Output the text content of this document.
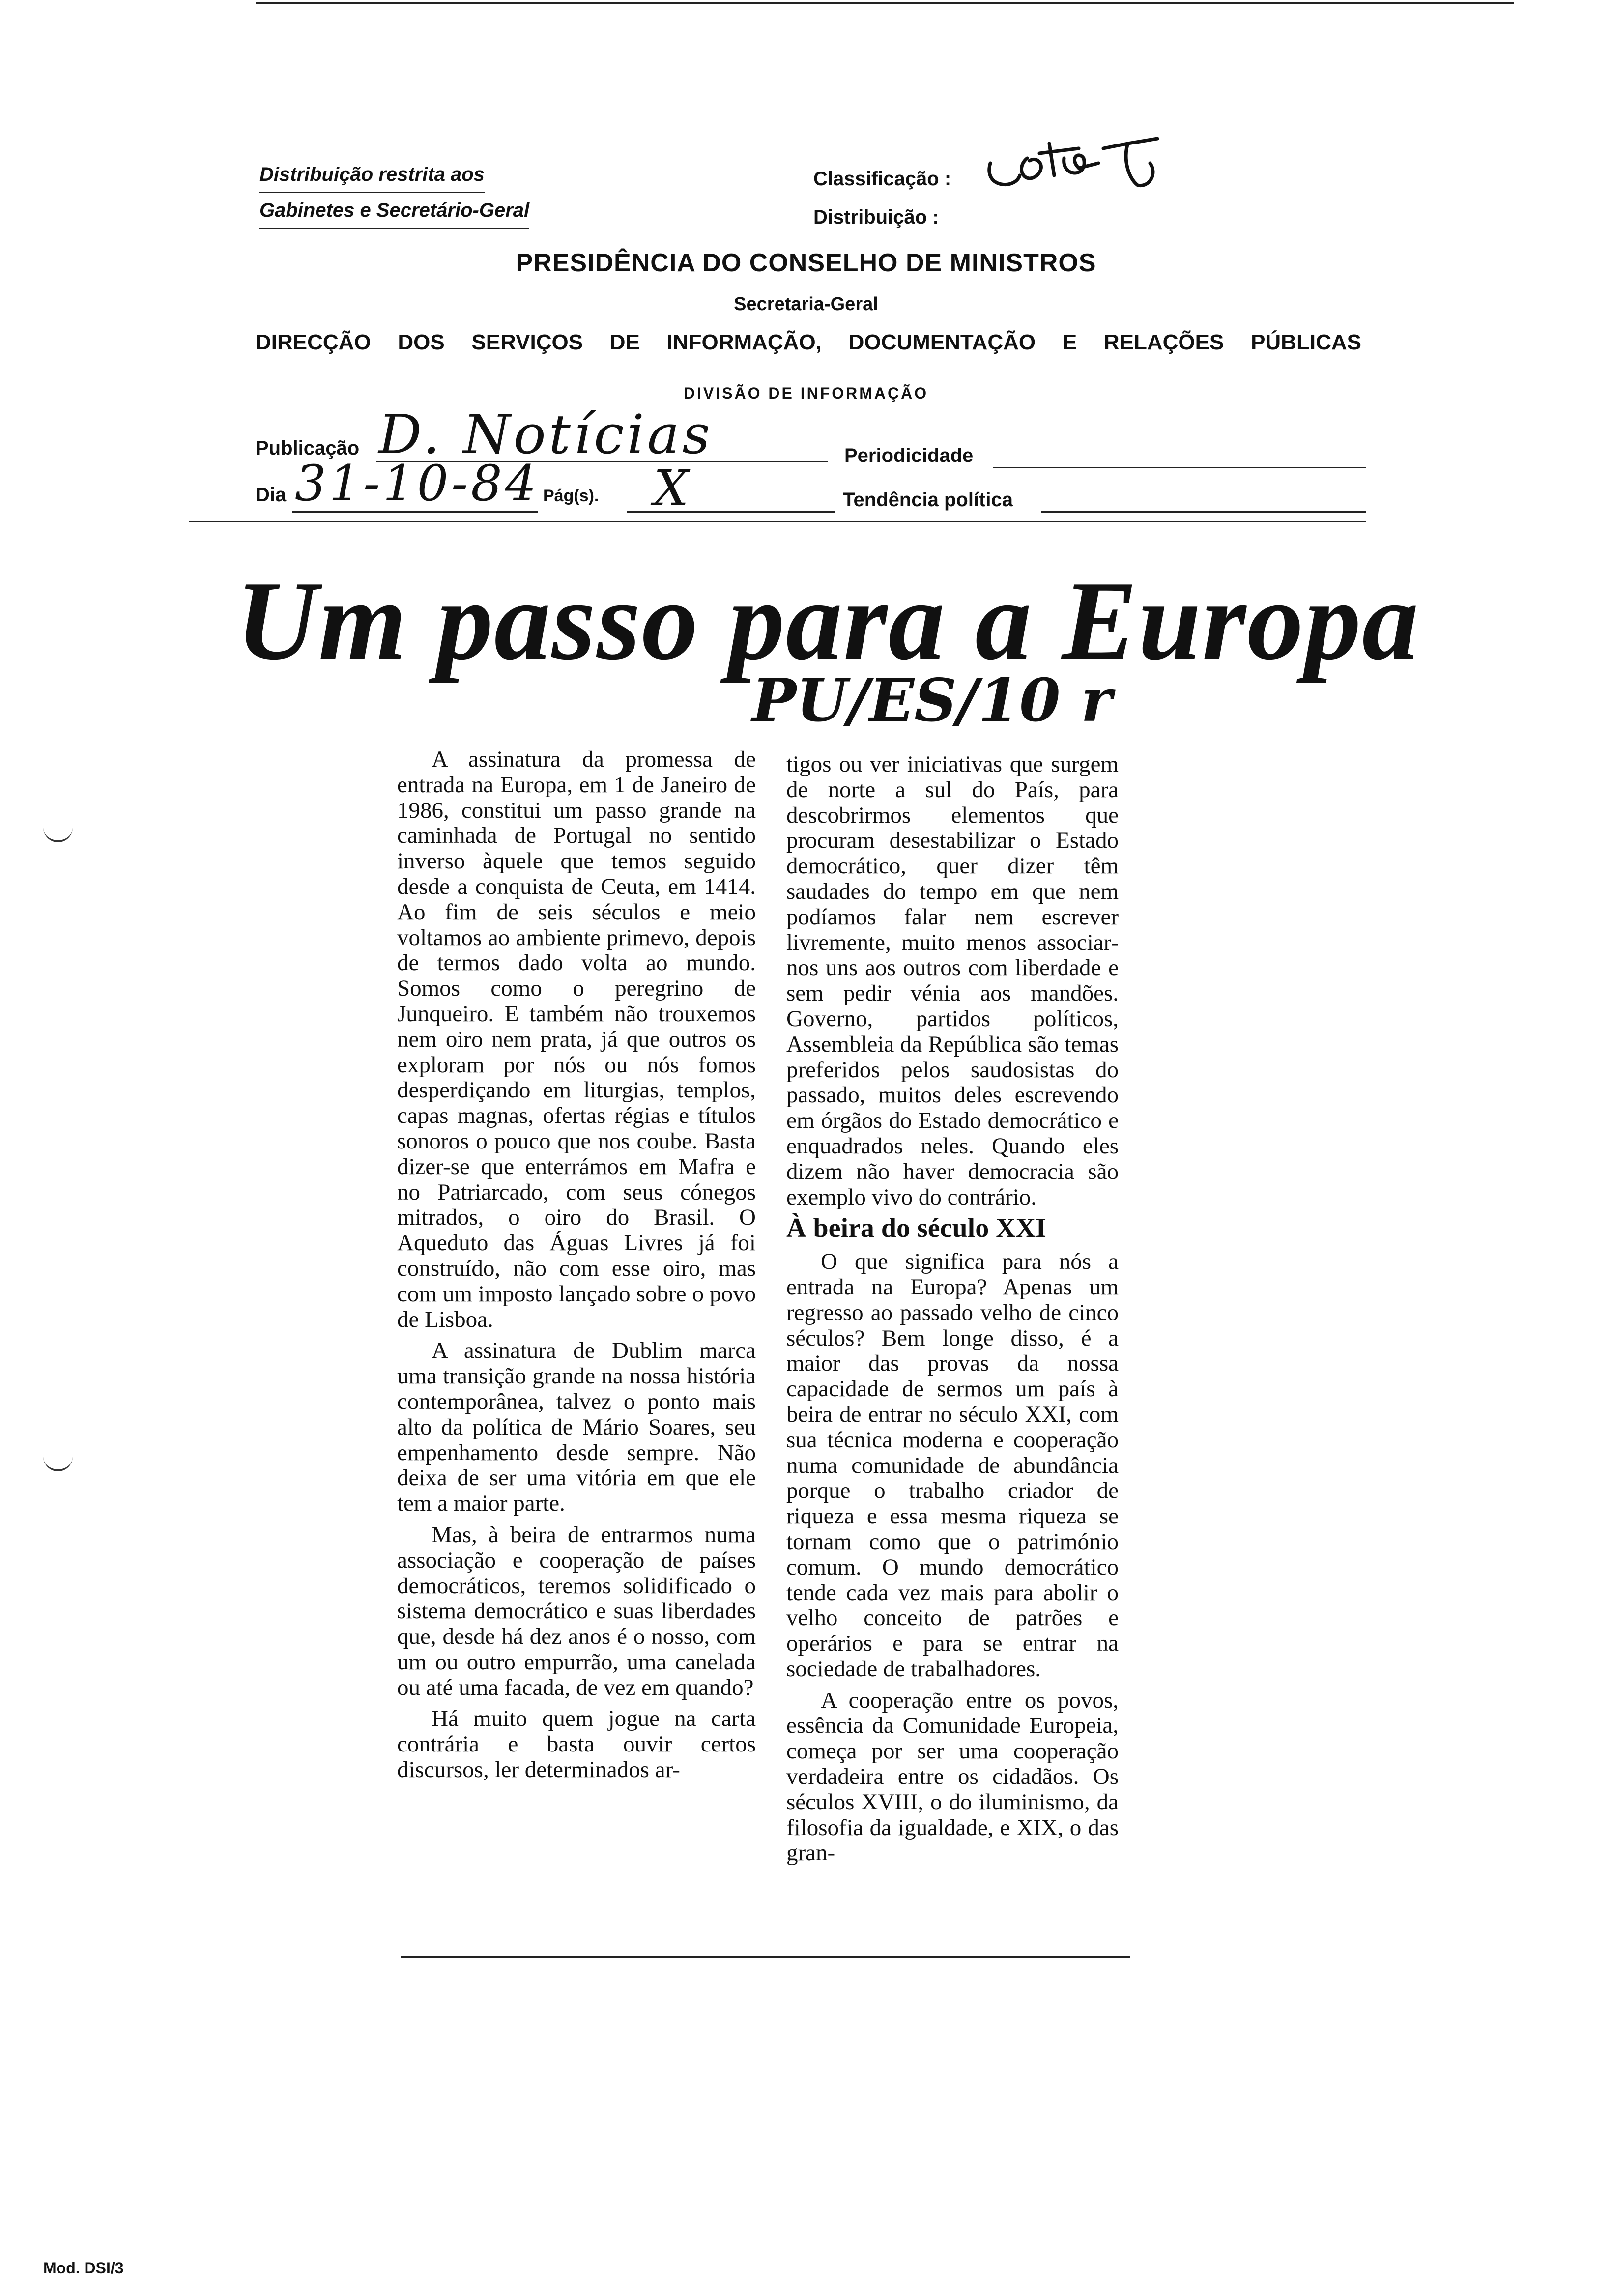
Distribuição restrita aos
Gabinetes e Secretário-Geral
Classificação :
Distribuição :
PRESIDÊNCIA DO CONSELHO DE MINISTROS
Secretaria-Geral
DIRECÇÃO DOS SERVIÇOS DE INFORMAÇÃO, DOCUMENTAÇÃO E RELAÇÕES PÚBLICAS
DIVISÃO DE INFORMAÇÃO
Publicação D. Notícias	Periodicidade
Dia 31-10-84 Pág(s). X	Tendência política
Um passo para a Europa
PU/ES/10 r

A assinatura da promessa de entrada na Europa, em 1 de Janeiro de 1986, constitui um passo grande na caminhada de Portugal no sentido inverso àquele que temos seguido desde a conquista de Ceuta, em 1414. Ao fim de seis séculos e meio voltamos ao ambiente primevo, depois de termos dado volta ao mundo. Somos como o peregrino de Junqueiro. E também não trouxemos nem oiro nem prata, já que outros os exploram por nós ou nós fomos desperdiçando em liturgias, templos, capas magnas, ofertas régias e títulos sonoros o pouco que nos coube. Basta dizer-se que enterrámos em Mafra e no Patriarcado, com seus cónegos mitrados, o oiro do Brasil. O Aqueduto das Águas Livres já foi construído, não com esse oiro, mas com um imposto lançado sobre o povo de Lisboa.

A assinatura de Dublim marca uma transição grande na nossa história contemporânea, talvez o ponto mais alto da política de Mário Soares, seu empenhamento desde sempre. Não deixa de ser uma vitória em que ele tem a maior parte.

Mas, à beira de entrarmos numa associação e cooperação de países democráticos, teremos solidificado o sistema democrático e suas liberdades que, desde há dez anos é o nosso, com um ou outro empurrão, uma canelada ou até uma facada, de vez em quando?

Há muito quem jogue na carta contrária e basta ouvir certos discursos, ler determinados ar-

tigos ou ver iniciativas que surgem de norte a sul do País, para descobrirmos elementos que procuram desestabilizar o Estado democrático, quer dizer têm saudades do tempo em que nem podíamos falar nem escrever livremente, muito menos associar-nos uns aos outros com liberdade e sem pedir vénia aos mandões. Governo, partidos políticos, Assembleia da República são temas preferidos pelos saudosistas do passado, muitos deles escrevendo em órgãos do Estado democrático e enquadrados neles. Quando eles dizem não haver democracia são exemplo vivo do contrário.

À beira do século XXI

O que significa para nós a entrada na Europa? Apenas um regresso ao passado velho de cinco séculos? Bem longe disso, é a maior das provas da nossa capacidade de sermos um país à beira de entrar no século XXI, com sua técnica moderna e cooperação numa comunidade de abundância porque o trabalho criador de riqueza e essa mesma riqueza se tornam como que o património comum. O mundo democrático tende cada vez mais para abolir o velho conceito de patrões e operários e para se entrar na sociedade de trabalhadores.

A cooperação entre os povos, essência da Comunidade Europeia, começa por ser uma cooperação verdadeira entre os cidadãos. Os séculos XVIII, o do iluminismo, da filosofia da igualdade, e XIX, o das gran-

Mod. DSI/3
